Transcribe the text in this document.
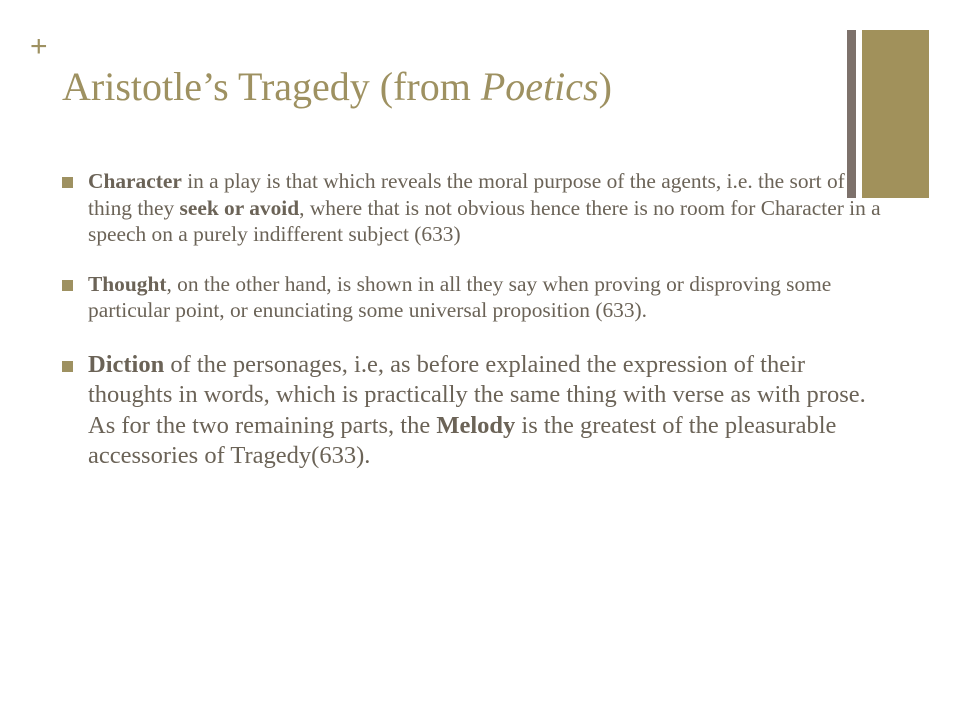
+
Aristotle’s Tragedy (from Poetics)
Character in a play is that which reveals the moral purpose of the agents, i.e. the sort of thing they seek or avoid, where that is not obvious hence there is no room for Character in a speech on a purely indifferent subject (633)
Thought, on the other hand, is shown in all they say when proving or disproving some particular point, or enunciating some universal proposition (633).
Diction of the personages, i.e, as before explained the expression of their thoughts in words, which is practically the same thing with verse as with prose. As for the two remaining parts, the Melody is the greatest of the pleasurable accessories of Tragedy(633).
